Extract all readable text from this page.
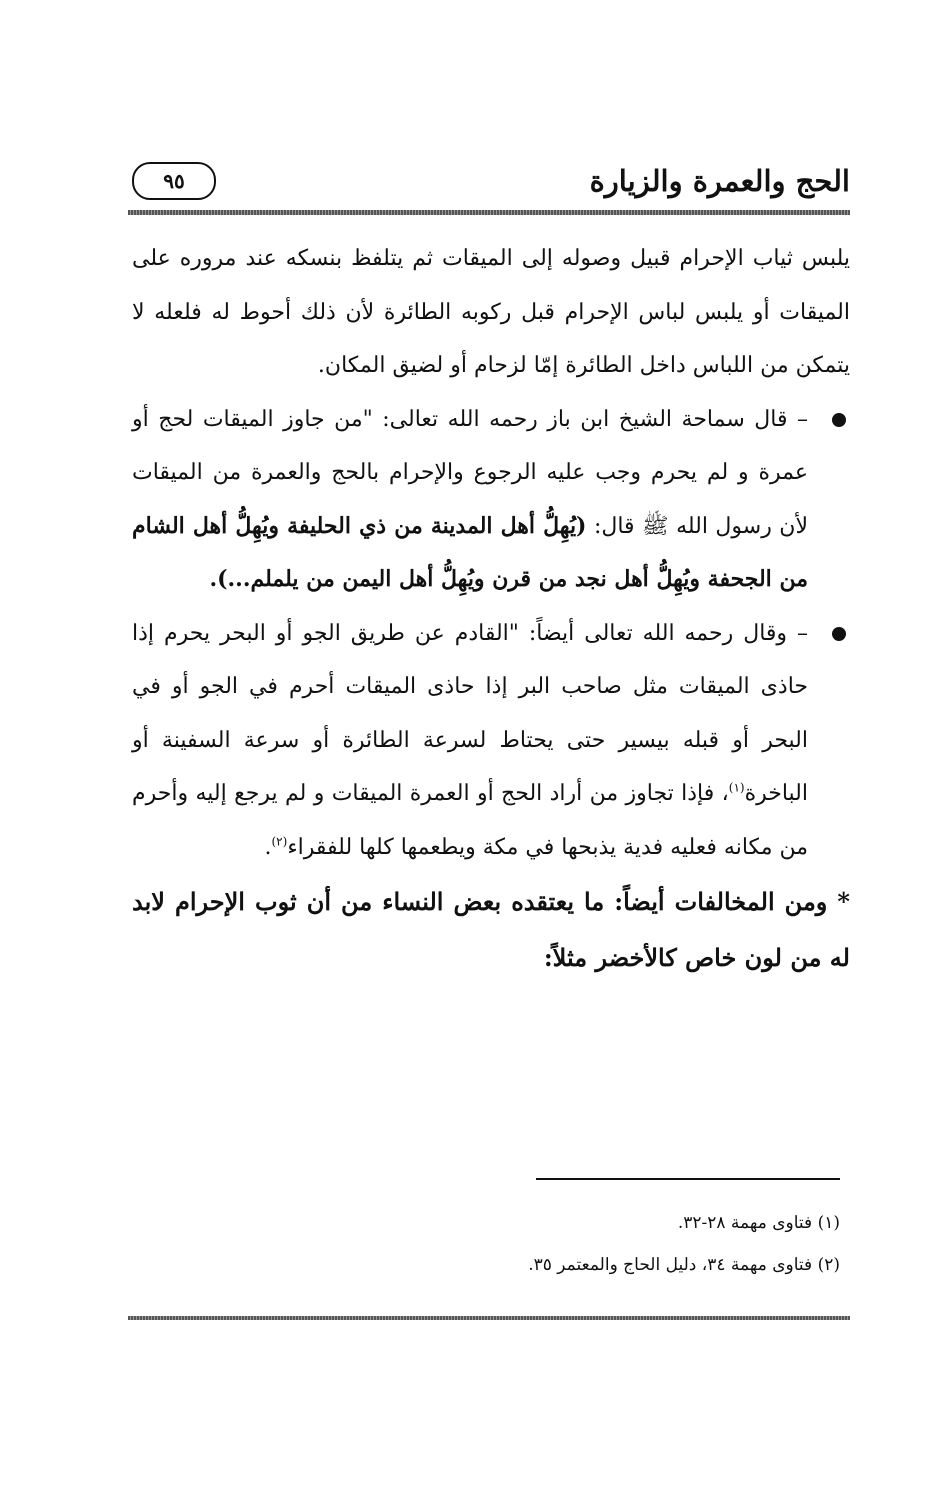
الحج والعمرة والزيارة
٩٥

يلبس ثياب الإحرام قبيل وصوله إلى الميقات ثم يتلفظ بنسكه عند مروره على الميقات أو يلبس لباس الإحرام قبل ركوبه الطائرة لأن ذلك أحوط له فلعله لا يتمكن من اللباس داخل الطائرة إمّا لزحام أو لضيق المكان.

– قال سماحة الشيخ ابن باز رحمه الله تعالى: "من جاوز الميقات لحج أو عمرة و لم يحرم وجب عليه الرجوع والإحرام بالحج والعمرة من الميقات لأن رسول الله ﷺ قال: (يُهِلُّ أهل المدينة من ذي الحليفة ويُهِلُّ أهل الشام من الجحفة ويُهِلُّ أهل نجد من قرن ويُهِلُّ أهل اليمن من يلملم...).

– وقال رحمه الله تعالى أيضاً: "القادم عن طريق الجو أو البحر يحرم إذا حاذى الميقات مثل صاحب البر إذا حاذى الميقات أحرم في الجو أو في البحر أو قبله بيسير حتى يحتاط لسرعة الطائرة أو سرعة السفينة أو الباخرة$^{(١)}$، فإذا تجاوز من أراد الحج أو العمرة الميقات و لم يرجع إليه وأحرم من مكانه فعليه فدية يذبحها في مكة ويطعمها كلها للفقراء$^{(٢)}$.

* ومن المخالفات أيضاً: ما يعتقده بعض النساء من أن ثوب الإحرام لابد له من لون خاص كالأخضر مثلاً:

(١) فتاوى مهمة ٢٨-٣٢.

(٢) فتاوى مهمة ٣٤، دليل الحاج والمعتمر ٣٥.
